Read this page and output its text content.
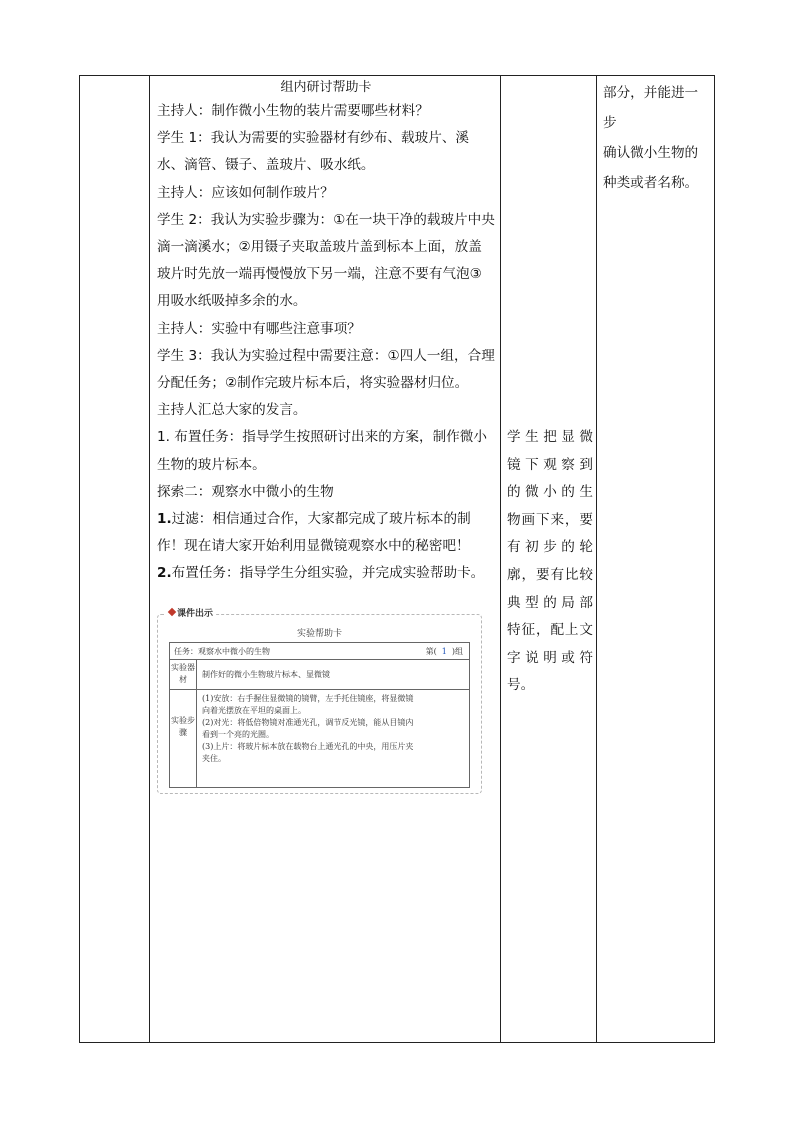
组内研讨帮助卡

主持人：制作微小生物的装片需要哪些材料？

学生 1：我认为需要的实验器材有纱布、载玻片、溪水、滴管、镊子、盖玻片、吸水纸。

主持人：应该如何制作玻片？

学生 2：我认为实验步骤为：①在一块干净的载玻片中央滴一滴溪水；②用镊子夹取盖玻片盖到标本上面，放盖玻片时先放一端再慢慢放下另一端，注意不要有气泡③用吸水纸吸掉多余的水。

主持人：实验中有哪些注意事项？

学生 3：我认为实验过程中需要注意：①四人一组，合理分配任务；②制作完玻片标本后，将实验器材归位。

主持人汇总大家的发言。

1. 布置任务：指导学生按照研讨出来的方案，制作微小生物的玻片标本。

探索二：观察水中微小的生物

1.过滤：相信通过合作，大家都完成了玻片标本的制作！现在请大家开始利用显微镜观察水中的秘密吧！

2.布置任务：指导学生分组实验，并完成实验帮助卡。

学生把显微
镜下观察到
的微小的生
物画下来，要
有初步的轮
廓，要有比较
典型的局部
特征，配上文
字说明或符
号。
部分，并能进一步
确认微小生物的
种类或者名称。
课件出示
实验帮助卡
任务：观察水中微小的生物	第( 1 )组
实验器材
制作好的微小生物玻片标本、显微镜
实验步骤
(1)安放：右手握住显微镜的镜臂，左手托住镜座，将显微镜
向着光摆放在平坦的桌面上。
(2)对光：将低倍物镜对准通光孔，调节反光镜，能从目镜内
看到一个亮的光圈。
(3)上片：将玻片标本放在载物台上通光孔的中央，用压片夹
夹住。
